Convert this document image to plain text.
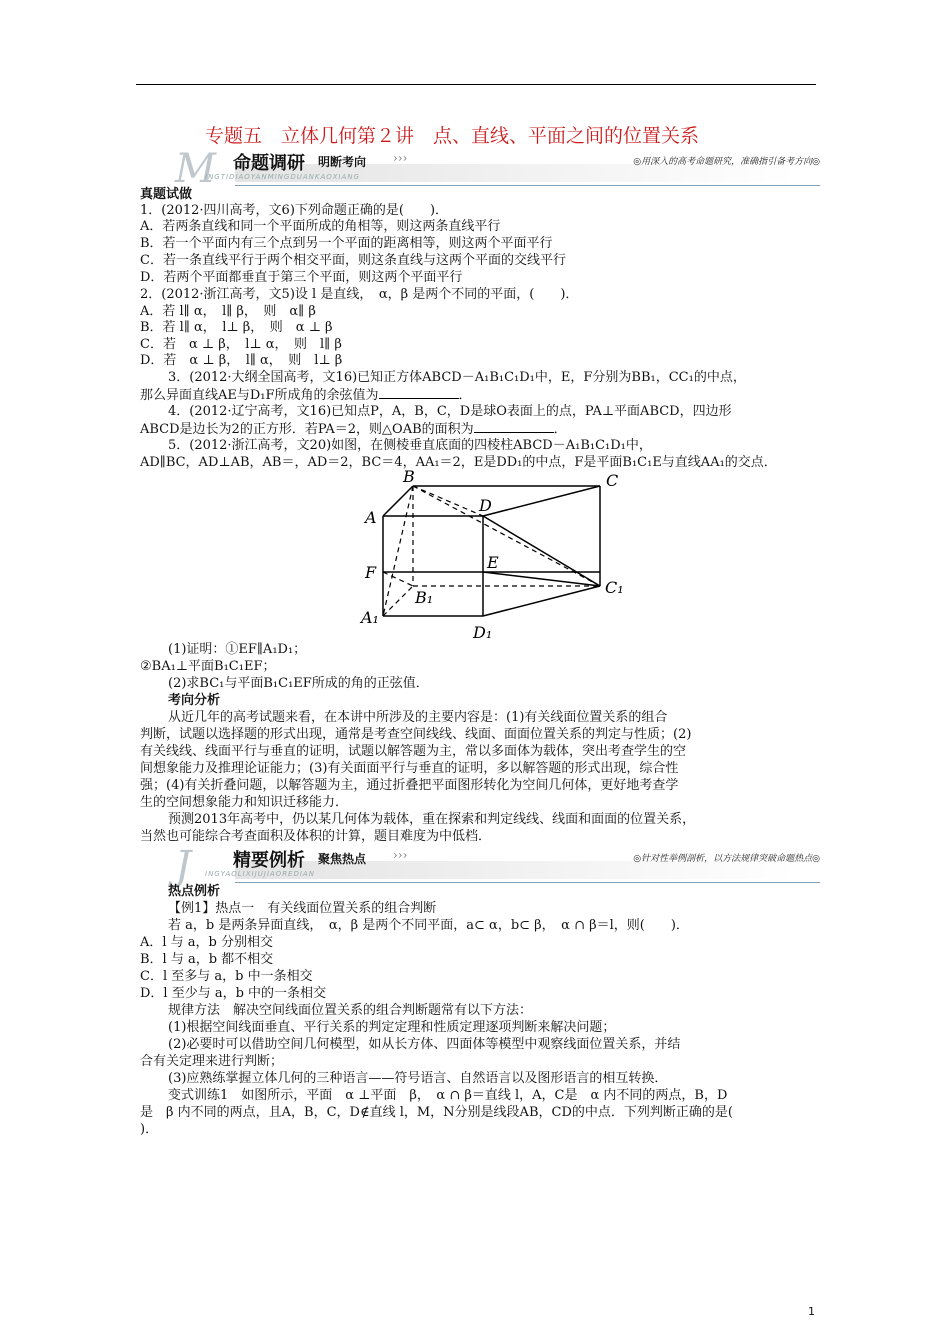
专题五　立体几何第２讲　点、直线、平面之间的位置关系
M 命题调研 明断考向 ›››
INGTIDIAOYANMINGDUANKAOXIANG
◎用深入的高考命题研究，准确指引备考方向◎
J	精要例析 聚焦热点 ›››
INGYAOLIXIJUJIAOREDIAN
◎针对性举例剖析，以方法规律突破命题热点◎
真题试做
1．(2012·四川高考，文6)下列命题正确的是(　　)．
A．若两条直线和同一个平面所成的角相等，则这两条直线平行
B．若一个平面内有三个点到另一个平面的距离相等，则这两个平面平行
C．若一条直线平行于两个相交平面，则这条直线与这两个平面的交线平行
D．若两个平面都垂直于第三个平面，则这两个平面平行
2．(2012·浙江高考，文5)设 l 是直线，　α，β 是两个不同的平面，(　　)．
A．若 l∥ α，　l∥ β，　则　α∥ β
B．若 l∥ α，　l⊥ β，　则　α ⊥ β
C．若　α ⊥ β，　l⊥ α，　则　l∥ β
D．若　α ⊥ β，　l∥ α，　则　l⊥ β
3．(2012·大纲全国高考，文16)已知正方体ABCD－A₁B₁C₁D₁中，E，F分别为BB₁，CC₁的中点，
那么异面直线AE与D₁F所成角的余弦值为	．
4．(2012·辽宁高考，文16)已知点P，A，B，C，D是球O表面上的点，PA⊥平面ABCD，四边形
ABCD是边长为2的正方形．若PA＝2，则△OAB的面积为	．
5．(2012·浙江高考，文20)如图，在侧棱垂直底面的四棱柱ABCD－A₁B₁C₁D₁中，
AD∥BC，AD⊥AB，AB＝，AD＝2，BC＝4，AA₁＝2，E是DD₁的中点，F是平面B₁C₁E与直线AA₁的交点．
B	C
A
D
F
E
C₁
B₁
A₁
D₁
(1)证明：①EF∥A₁D₁；
②BA₁⊥平面B₁C₁EF；
(2)求BC₁与平面B₁C₁EF所成的角的正弦值．
考向分析
从近几年的高考试题来看，在本讲中所涉及的主要内容是：(1)有关线面位置关系的组合
判断，试题以选择题的形式出现，通常是考查空间线线、线面、面面位置关系的判定与性质；(2)
有关线线、线面平行与垂直的证明，试题以解答题为主，常以多面体为载体，突出考查学生的空
间想象能力及推理论证能力；(3)有关面面平行与垂直的证明，多以解答题的形式出现，综合性
强；(4)有关折叠问题，以解答题为主，通过折叠把平面图形转化为空间几何体，更好地考查学
生的空间想象能力和知识迁移能力．
预测2013年高考中，仍以某几何体为载体，重在探索和判定线线、线面和面面的位置关系，
当然也可能综合考查面积及体积的计算，题目难度为中低档．
热点例析
【例1】热点一　有关线面位置关系的组合判断
若 a，b 是两条异面直线，　α，β 是两个不同平面，a⊂ α，b⊂ β，　α ∩ β＝l，则(　　)．
A．l 与 a，b 分别相交
B．l 与 a，b 都不相交
C．l 至多与 a，b 中一条相交
D．l 至少与 a，b 中的一条相交
规律方法　解决空间线面位置关系的组合判断题常有以下方法：
(1)根据空间线面垂直、平行关系的判定定理和性质定理逐项判断来解决问题；
(2)必要时可以借助空间几何模型，如从长方体、四面体等模型中观察线面位置关系，并结
合有关定理来进行判断；
(3)应熟练掌握立体几何的三种语言——符号语言、自然语言以及图形语言的相互转换．
变式训练1　如图所示，平面　α ⊥平面　β，　α ∩ β＝直线 l，A，C是　α 内不同的两点，B，D
是　β 内不同的两点，且A，B，C，D∉直线 l，M，N分别是线段AB，CD的中点．下列判断正确的是(
)．
1
